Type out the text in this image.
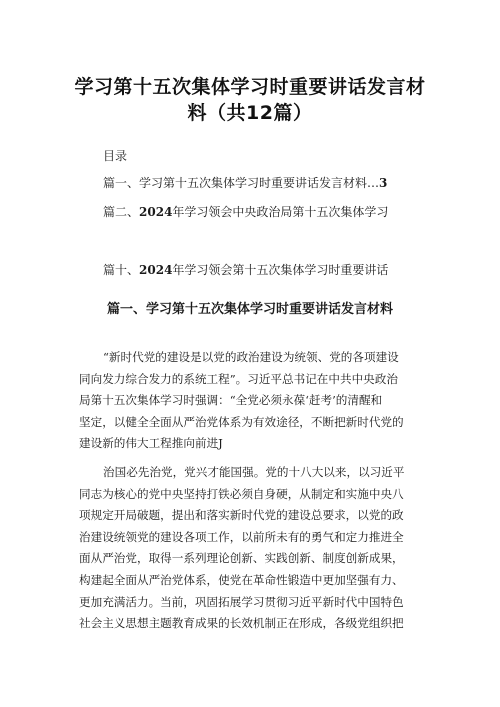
学习第十五次集体学习时重要讲话发言材
料（共12篇）
目录
篇一、学习第十五次集体学习时重要讲话发言材料…3
篇二、2024年学习领会中央政治局第十五次集体学习
篇十、2024年学习领会第十五次集体学习时重要讲话
篇一、学习第十五次集体学习时重要讲话发言材料
“新时代党的建设是以党的政治建设为统领、党的各项建设
同向发力综合发力的系统工程”。习近平总书记在中共中央政治
局第十五次集体学习时强调：“全党必须永葆‘赶考’的清醒和
坚定，以健全全面从严治党体系为有效途径，不断把新时代党的
建设新的伟大工程推向前进J
治国必先治党，党兴才能国强。党的十八大以来，以习近平
同志为核心的党中央坚持打铁必须自身硬，从制定和实施中央八
项规定开局破题，提出和落实新时代党的建设总要求，以党的政
治建设统领党的建设各项工作，以前所未有的勇气和定力推进全
面从严治党，取得一系列理论创新、实践创新、制度创新成果，
构建起全面从严治党体系，使党在革命性锻造中更加坚强有力、
更加充满活力。当前，巩固拓展学习贯彻习近平新时代中国特色
社会主义思想主题教育成果的长效机制正在形成，各级党组织把
